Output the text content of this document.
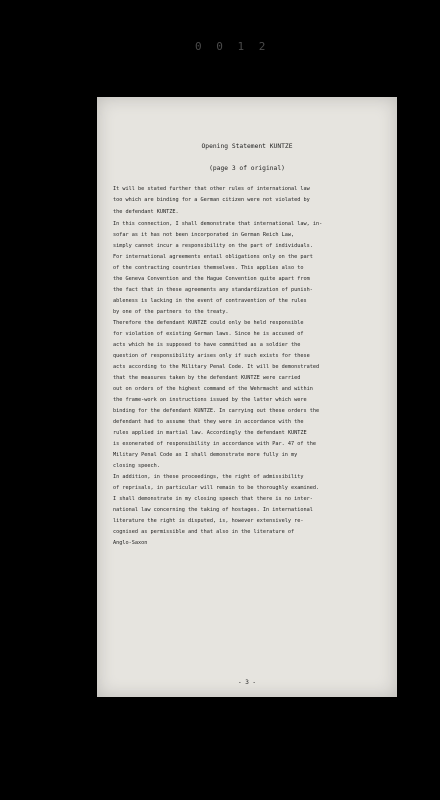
0 0 1 2
Opening Statement KUNTZE
(page 3 of original)
It will be stated further that other rules of international law
too which are binding for a German citizen were not violated by
the defendant KUNTZE.
In this connection, I shall demonstrate that international law, in-
sofar as it has not been incorporated in German Reich Law,
simply cannot incur a responsibility on the part of individuals.
For international agreements entail obligations only on the part
of the contracting countries themselves. This applies also to
the Geneva Convention and the Hague Convention quite apart from
the fact that in these agreements any standardization of punish-
ableness is lacking in the event of contravention of the rules
by one of the partners to the treaty.
Therefore the defendant KUNTZE could only be held responsible
for violation of existing German laws. Since he is accused of
acts which he is supposed to have committed as a soldier the
question of responsibility arises only if such exists for these
acts according to the Military Penal Code. It will be demonstrated
that the measures taken by the defendant KUNTZE were carried
out on orders of the highest command of the Wehrmacht and within
the frame-work on instructions issued by the latter which were
binding for the defendant KUNTZE. In carrying out these orders the
defendant had to assume that they were in accordance with the
rules applied in martial law. Accordingly the defendant KUNTZE
is exonerated of responsibility in accordance with Par. 47 of the
Military Penal Code as I shall demonstrate more fully in my
closing speech.
In addition, in these proceedings, the right of admissibility
of reprisals, in particular will remain to be thoroughly examined.
I shall demonstrate in my closing speech that there is no inter-
national law concerning the taking of hostages. In international
literature the right is disputed, is, however extensively re-
cognised as permissible and that also in the literature of
Anglo-Saxon
- 3 -
